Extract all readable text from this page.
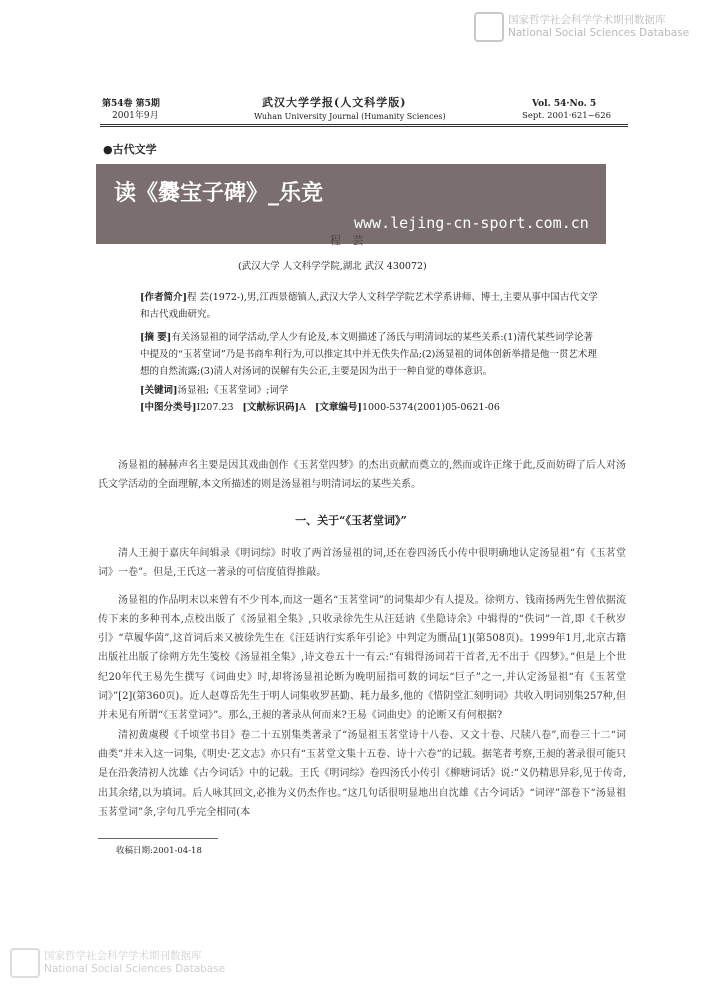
国家哲学社会科学学术期刊数据库
National Social Sciences Database
第54卷 第5期
2001年9月
武汉大学学报(人文科学版)
Wuhan University Journal (Humanity Sciences)
Vol. 54·No. 5
Sept. 2001·621~626
●古代文学
读《爨宝子碑》_乐竞
www.lejing-cn-sport.com.cn
程 芸
(武汉大学 人文科学学院,湖北 武汉 430072)
[作者简介]程 芸(1972-),男,江西景德镇人,武汉大学人文科学学院艺术学系讲师、博士,主要从事中国古代文学和古代戏曲研究。
[摘 要]有关汤显祖的词学活动,学人少有论及,本文则描述了汤氏与明清词坛的某些关系:(1)清代某些词学论著中提及的“玉茗堂词”乃是书商牟利行为,可以推定其中并无佚失作品;(2)汤显祖的词体创新举措是他一贯艺术理想的自然流露;(3)清人对汤词的误解有失公正,主要是因为出于一种自觉的尊体意识。
[关键词]汤显祖;《玉茗堂词》;词学
[中图分类号]I207.23 [文献标识码]A [文章编号]1000-5374(2001)05-0621-06

汤显祖的赫赫声名主要是因其戏曲创作《玉茗堂四梦》的杰出贡献而奠立的,然而或许正缘于此,反而妨碍了后人对汤氏文学活动的全面理解,本文所描述的则是汤显祖与明清词坛的某些关系。

一、关于“《玉茗堂词》”

清人王昶于嘉庆年间辑录《明词综》时收了两首汤显祖的词,还在卷四汤氏小传中很明确地认定汤显祖“有《玉茗堂词》一卷”。但是,王氏这一著录的可信度值得推敲。

汤显祖的作品明末以来曾有不少刊本,而这一题名“玉茗堂词”的词集却少有人提及。徐朔方、钱南扬两先生曾依据流传下来的多种刊本,点校出版了《汤显祖全集》,只收录徐先生从汪廷讷《坐隐诗余》中辑得的“佚词”一首,即《千秋岁引》“草履华茵”,这首词后来又被徐先生在《汪廷讷行实系年引论》中判定为赝品[1](第508页)。1999年1月,北京古籍出版社出版了徐朔方先生笺校《汤显祖全集》,诗文卷五十一有云:“有辑得汤词若干首者,无不出于《四梦》。”但是上个世纪20年代王易先生撰写《词曲史》时,却将汤显祖论断为晚明屈指可数的词坛“巨子”之一,并认定汤显祖“有《玉茗堂词》”[2](第360页)。近人赵尊岳先生于明人词集收罗甚勤、耗力最多,他的《惜阴堂汇刻明词》共收入明词别集257种,但并未见有所谓“《玉茗堂词》”。那么,王昶的著录从何而来?王易《词曲史》的论断又有何根据?

清初黄虞稷《千顷堂书目》卷二十五别集类著录了“汤显祖玉茗堂诗十八卷、又文十卷、尺牍八卷”,而卷三十二“词曲类”并未入这一词集,《明史·艺文志》亦只有“玉茗堂文集十五卷、诗十六卷”的记载。据笔者考察,王昶的著录很可能只是在沿袭清初人沈雄《古今词话》中的记载。王氏《明词综》卷四汤氏小传引《柳塘词话》说:“义仍精思异彩,见于传奇,出其余绪,以为填词。后人咏其回文,必推为义仍杰作也。”这几句话很明显地出自沈雄《古今词话》“词评”部卷下“汤显祖玉茗堂词”条,字句几乎完全相同(本

收稿日期:2001-04-18
国家哲学社会科学学术期刊数据库
National Social Sciences Database
